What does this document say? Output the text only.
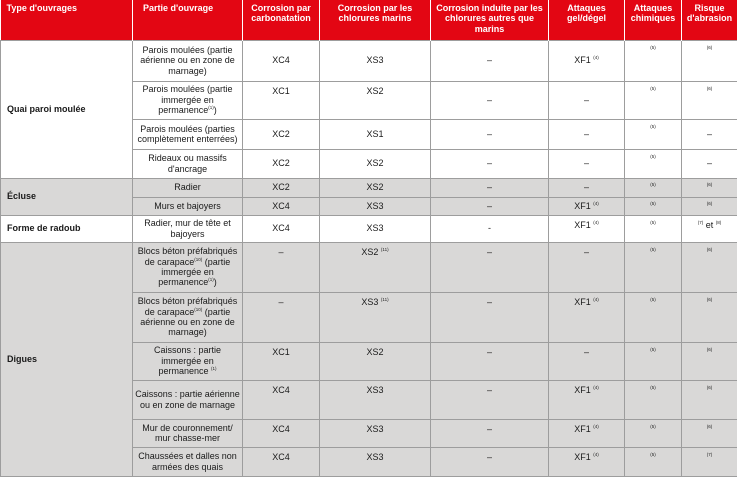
Type d'ouvrages	Partie d'ouvrage	Corrosion par carbonatation	Corrosion par les chlorures marins	Corrosion induite par les chlorures autres que marins	Attaques gel/dégel	Attaques chimiques	Risque d'abrasion
Quai paroi moulée	Parois moulées (partie aérienne ou en zone de marnage)	XC4	XS3	–	XF1 $^{(4)}$	$^{(5)}$	$^{(6)}$
	Parois moulées (partie immergée en permanence$^{(1)}$)	XC1	XS2	–	–	$^{(5)}$	$^{(6)}$
	Parois moulées (parties complètement enterrées)	XC2	XS1	–	–	$^{(5)}$	–
	Rideaux ou massifs d'ancrage	XC2	XS2	–	–	$^{(5)}$	–
Écluse	Radier	XC2	XS2	–	–	$^{(5)}$	$^{(6)}$
	Murs et bajoyers	XC4	XS3	–	XF1 $^{(4)}$	$^{(5)}$	$^{(6)}$
Forme de radoub	Radier, mur de tête et bajoyers	XC4	XS3	-	XF1 $^{(4)}$	$^{(5)}$	$^{(7)}$ et $^{(8)}$
Digues	Blocs béton préfabriqués de carapace$^{(10)}$ (partie immergée en permanence$^{(1)}$)	–	XS2 $^{(11)}$	–	–	$^{(5)}$	$^{(6)}$
	Blocs béton préfabriqués de carapace$^{(10)}$ (partie aérienne ou en zone de marnage)	–	XS3 $^{(11)}$	–	XF1 $^{(4)}$	$^{(5)}$	$^{(6)}$
	Caissons : partie immergée en permanence $^{(1)}$	XC1	XS2	–	–	$^{(5)}$	$^{(6)}$
	Caissons : partie aérienne ou en zone de marnage	XC4	XS3	–	XF1 $^{(4)}$	$^{(5)}$	$^{(6)}$
	Mur de couronnement/ mur chasse-mer	XC4	XS3	–	XF1 $^{(4)}$	$^{(5)}$	$^{(6)}$
	Chaussées et dalles non armées des quais	XC4	XS3	–	XF1 $^{(4)}$	$^{(5)}$	$^{(7)}$
